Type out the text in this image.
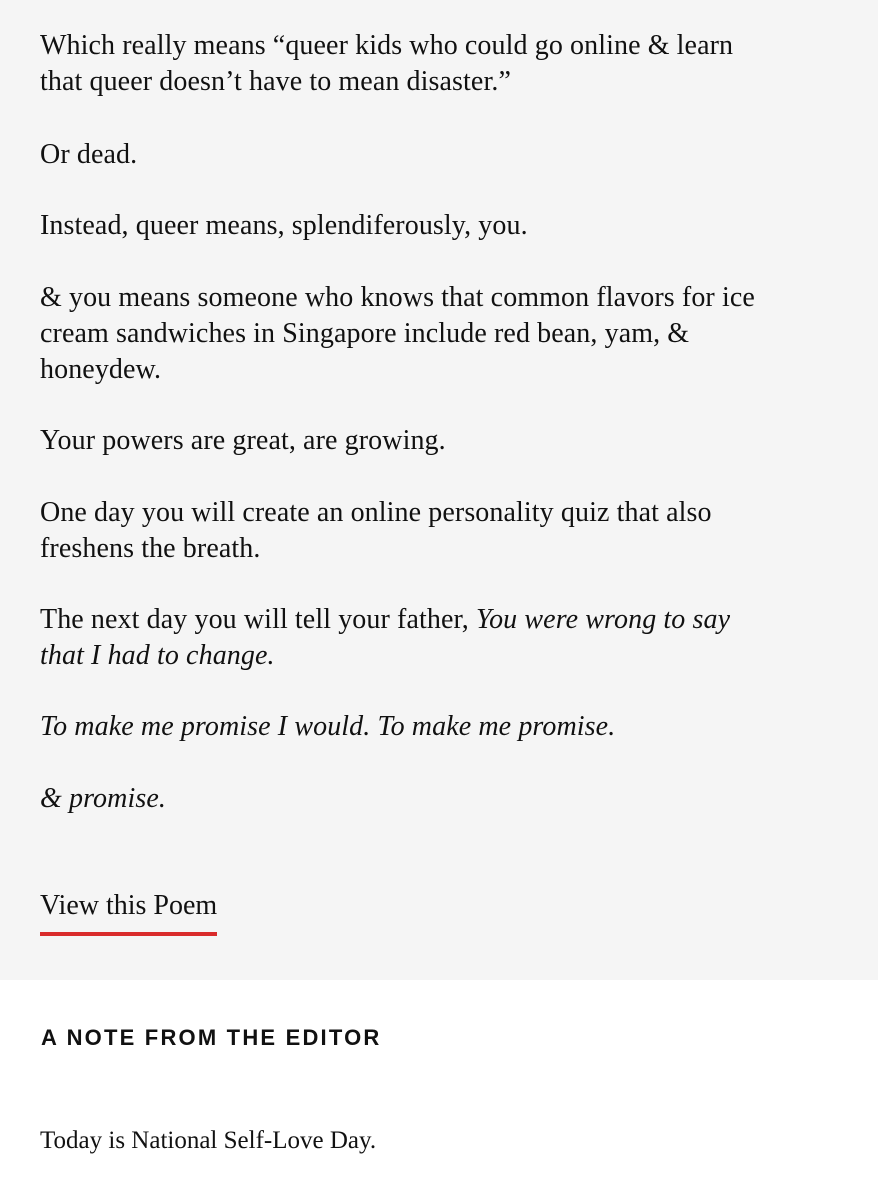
Which really means “queer kids who could go online & learn
that queer doesn’t have to mean disaster.”

Or dead.

Instead, queer means, splendiferously, you.

& you means someone who knows that common flavors for ice
cream sandwiches in Singapore include red bean, yam, &
honeydew.

Your powers are great, are growing.

One day you will create an online personality quiz that also
freshens the breath.

The next day you will tell your father, You were wrong to say
that I had to change.

To make me promise I would. To make me promise.

& promise.

View this Poem
A NOTE FROM THE EDITOR

Today is National Self-Love Day.
